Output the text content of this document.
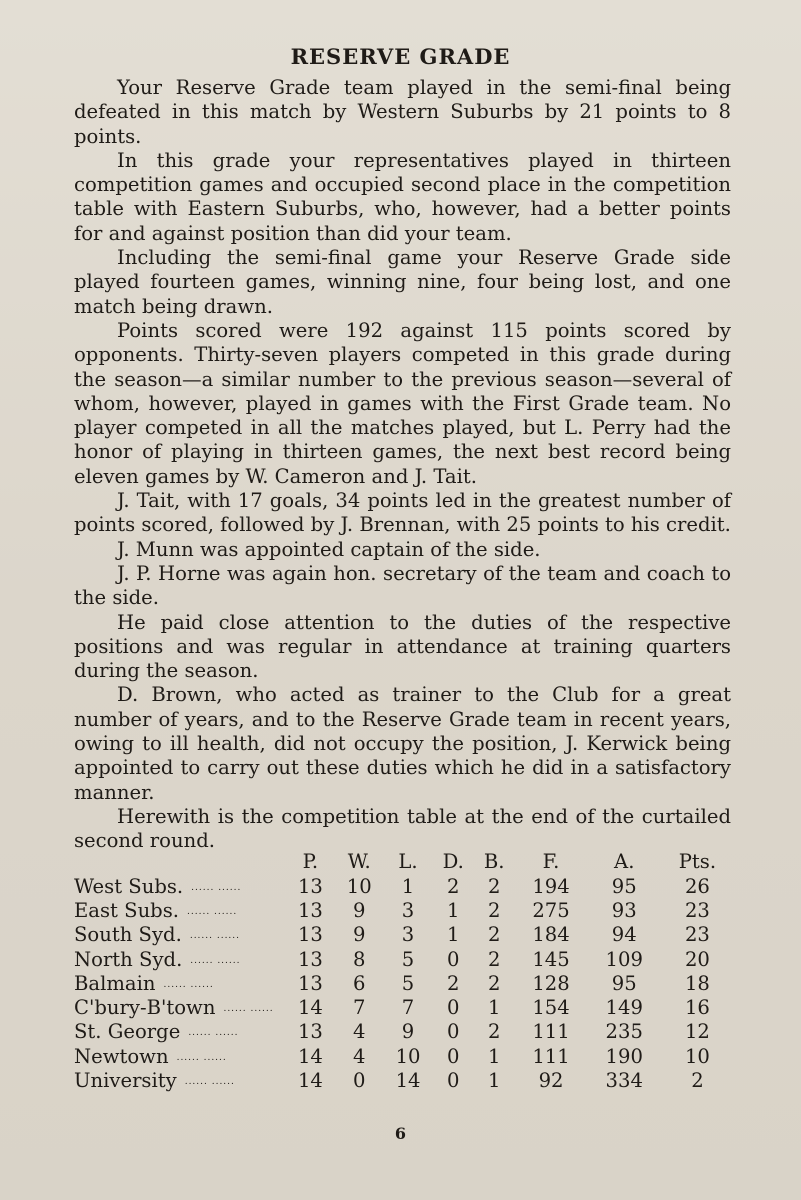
RESERVE GRADE

Your Reserve Grade team played in the semi-final being defeated in this match by Western Suburbs by 21 points to 8 points.

In this grade your representatives played in thirteen competition games and occupied second place in the competition table with Eastern Suburbs, who, however, had a better points for and against position than did your team.

Including the semi-final game your Reserve Grade side played fourteen games, winning nine, four being lost, and one match being drawn.

Points scored were 192 against 115 points scored by opponents. Thirty-seven players competed in this grade during the season—a similar number to the previous season—several of whom, however, played in games with the First Grade team. No player competed in all the matches played, but L. Perry had the honor of playing in thirteen games, the next best record being eleven games by W. Cameron and J. Tait.

J. Tait, with 17 goals, 34 points led in the greatest number of points scored, followed by J. Brennan, with 25 points to his credit.

J. Munn was appointed captain of the side.

J. P. Horne was again hon. secretary of the team and coach to the side.

He paid close attention to the duties of the respective positions and was regular in attendance at training quarters during the season.

D. Brown, who acted as trainer to the Club for a great number of years, and to the Reserve Grade team in recent years, owing to ill health, did not occupy the position, J. Kerwick being appointed to carry out these duties which he did in a satisfactory manner.

Herewith is the competition table at the end of the curtailed second round.

	P.	W.	L.	D.	B.	F.	A.	Pts.
West Subs. ...... ......	13	10	1	2	2	194	95	26
East Subs. ...... ......	13	9	3	1	2	275	93	23
South Syd. ...... ......	13	9	3	1	2	184	94	23
North Syd. ...... ......	13	8	5	0	2	145	109	20
Balmain ...... ......	13	6	5	2	2	128	95	18
C'bury-B'town ...... ......	14	7	7	0	1	154	149	16
St. George ...... ......	13	4	9	0	2	111	235	12
Newtown ...... ......	14	4	10	0	1	111	190	10
University ...... ......	14	0	14	0	1	92	334	2
6
